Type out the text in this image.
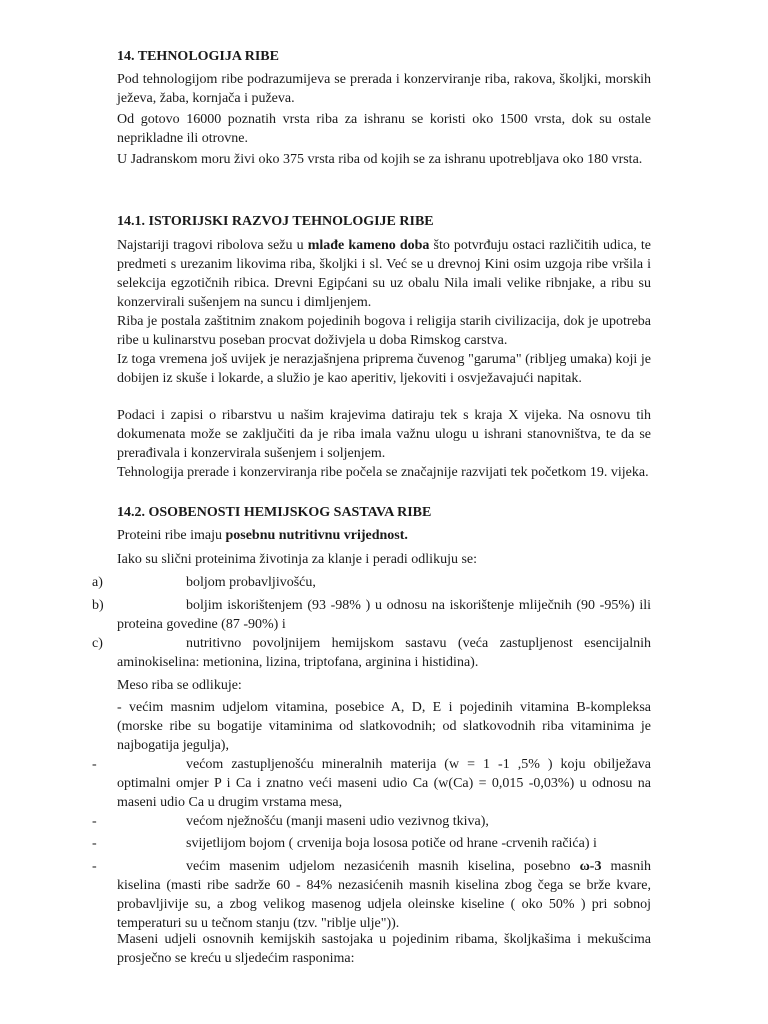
14. TEHNOLOGIJA RIBE

Pod tehnologijom ribe podrazumijeva se prerada i konzerviranje riba, rakova, školjki, morskih ježeva, žaba, kornjača i puževa.

Od gotovo 16000 poznatih vrsta riba za ishranu se koristi oko 1500 vrsta, dok su ostale neprikladne ili otrovne.

U Jadranskom moru živi oko 375 vrsta riba od kojih se za ishranu upotrebljava oko 180 vrsta.

14.1. ISTORIJSKI RAZVOJ TEHNOLOGIJE RIBE

Najstariji tragovi ribolova sežu u mlađe kameno doba što potvrđuju ostaci različitih udica, te predmeti s urezanim likovima riba, školjki i sl. Već se u drevnoj Kini osim uzgoja ribe vršila i selekcija egzotičnih ribica. Drevni Egipćani su uz obalu Nila imali velike ribnjake, a ribu su konzervirali sušenjem na suncu i dimljenjem.

Riba je postala zaštitnim znakom pojedinih bogova i religija starih civilizacija, dok je upotreba ribe u kulinarstvu poseban procvat doživjela u doba Rimskog carstva.

Iz toga vremena još uvijek je nerazjašnjena priprema čuvenog "garuma" (ribljeg umaka) koji je dobijen iz skuše i lokarde, a služio je kao aperitiv, ljekoviti i osvježavajući napitak.

Podaci i zapisi o ribarstvu u našim krajevima datiraju tek s kraja X vijeka. Na osnovu tih dokumenata može se zaključiti da je riba imala važnu ulogu u ishrani stanovništva, te da se prerađivala i konzervirala sušenjem i soljenjem.

Tehnologija prerade i konzerviranja ribe počela se značajnije razvijati tek početkom 19. vijeka.

14.2. OSOBENOSTI HEMIJSKOG SASTAVA RIBE

Proteini ribe imaju posebnu nutritivnu vrijednost.

Iako su slični proteinima životinja za klanje i peradi odlikuju se:

a)	boljom probavljivošću,

b)	boljim iskorištenjem (93 -98% ) u odnosu na iskorištenje mliječnih (90 -95%) ili proteina govedine (87 -90%) i

c)	nutritivno povoljnijem hemijskom sastavu (veća zastupljenost esencijalnih aminokiselina: metionina, lizina, triptofana, arginina i histidina).

Meso riba se odlikuje:

- većim masnim udjelom vitamina, posebice A, D, E i pojedinih vitamina B-kompleksa (morske ribe su bogatije vitaminima od slatkovodnih; od slatkovodnih riba vitaminima je najbogatija jegulja),

-	većom zastupljenošću mineralnih materija (w = 1 -1 ,5% ) koju obilježava optimalni omjer P i Ca i znatno veći maseni udio Ca (w(Ca) = 0,015 -0,03%) u odnosu na maseni udio Ca u drugim vrstama mesa,

-	većom nježnošću (manji maseni udio vezivnog tkiva),

-	svijetlijom bojom ( crvenija boja lososa potiče od hrane -crvenih račića) i

-	većim masenim udjelom nezasićenih masnih kiselina, posebno ω-3 masnih kiselina (masti ribe sadrže 60 - 84% nezasićenih masnih kiselina zbog čega se brže kvare, probavljivije su, a zbog velikog masenog udjela oleinske kiseline ( oko 50% ) pri sobnoj temperaturi su u tečnom stanju (tzv. "riblje ulje")).

Maseni udjeli osnovnih kemijskih sastojaka u pojedinim ribama, školjkašima i mekušcima prosječno se kreću u sljedećim rasponima:
